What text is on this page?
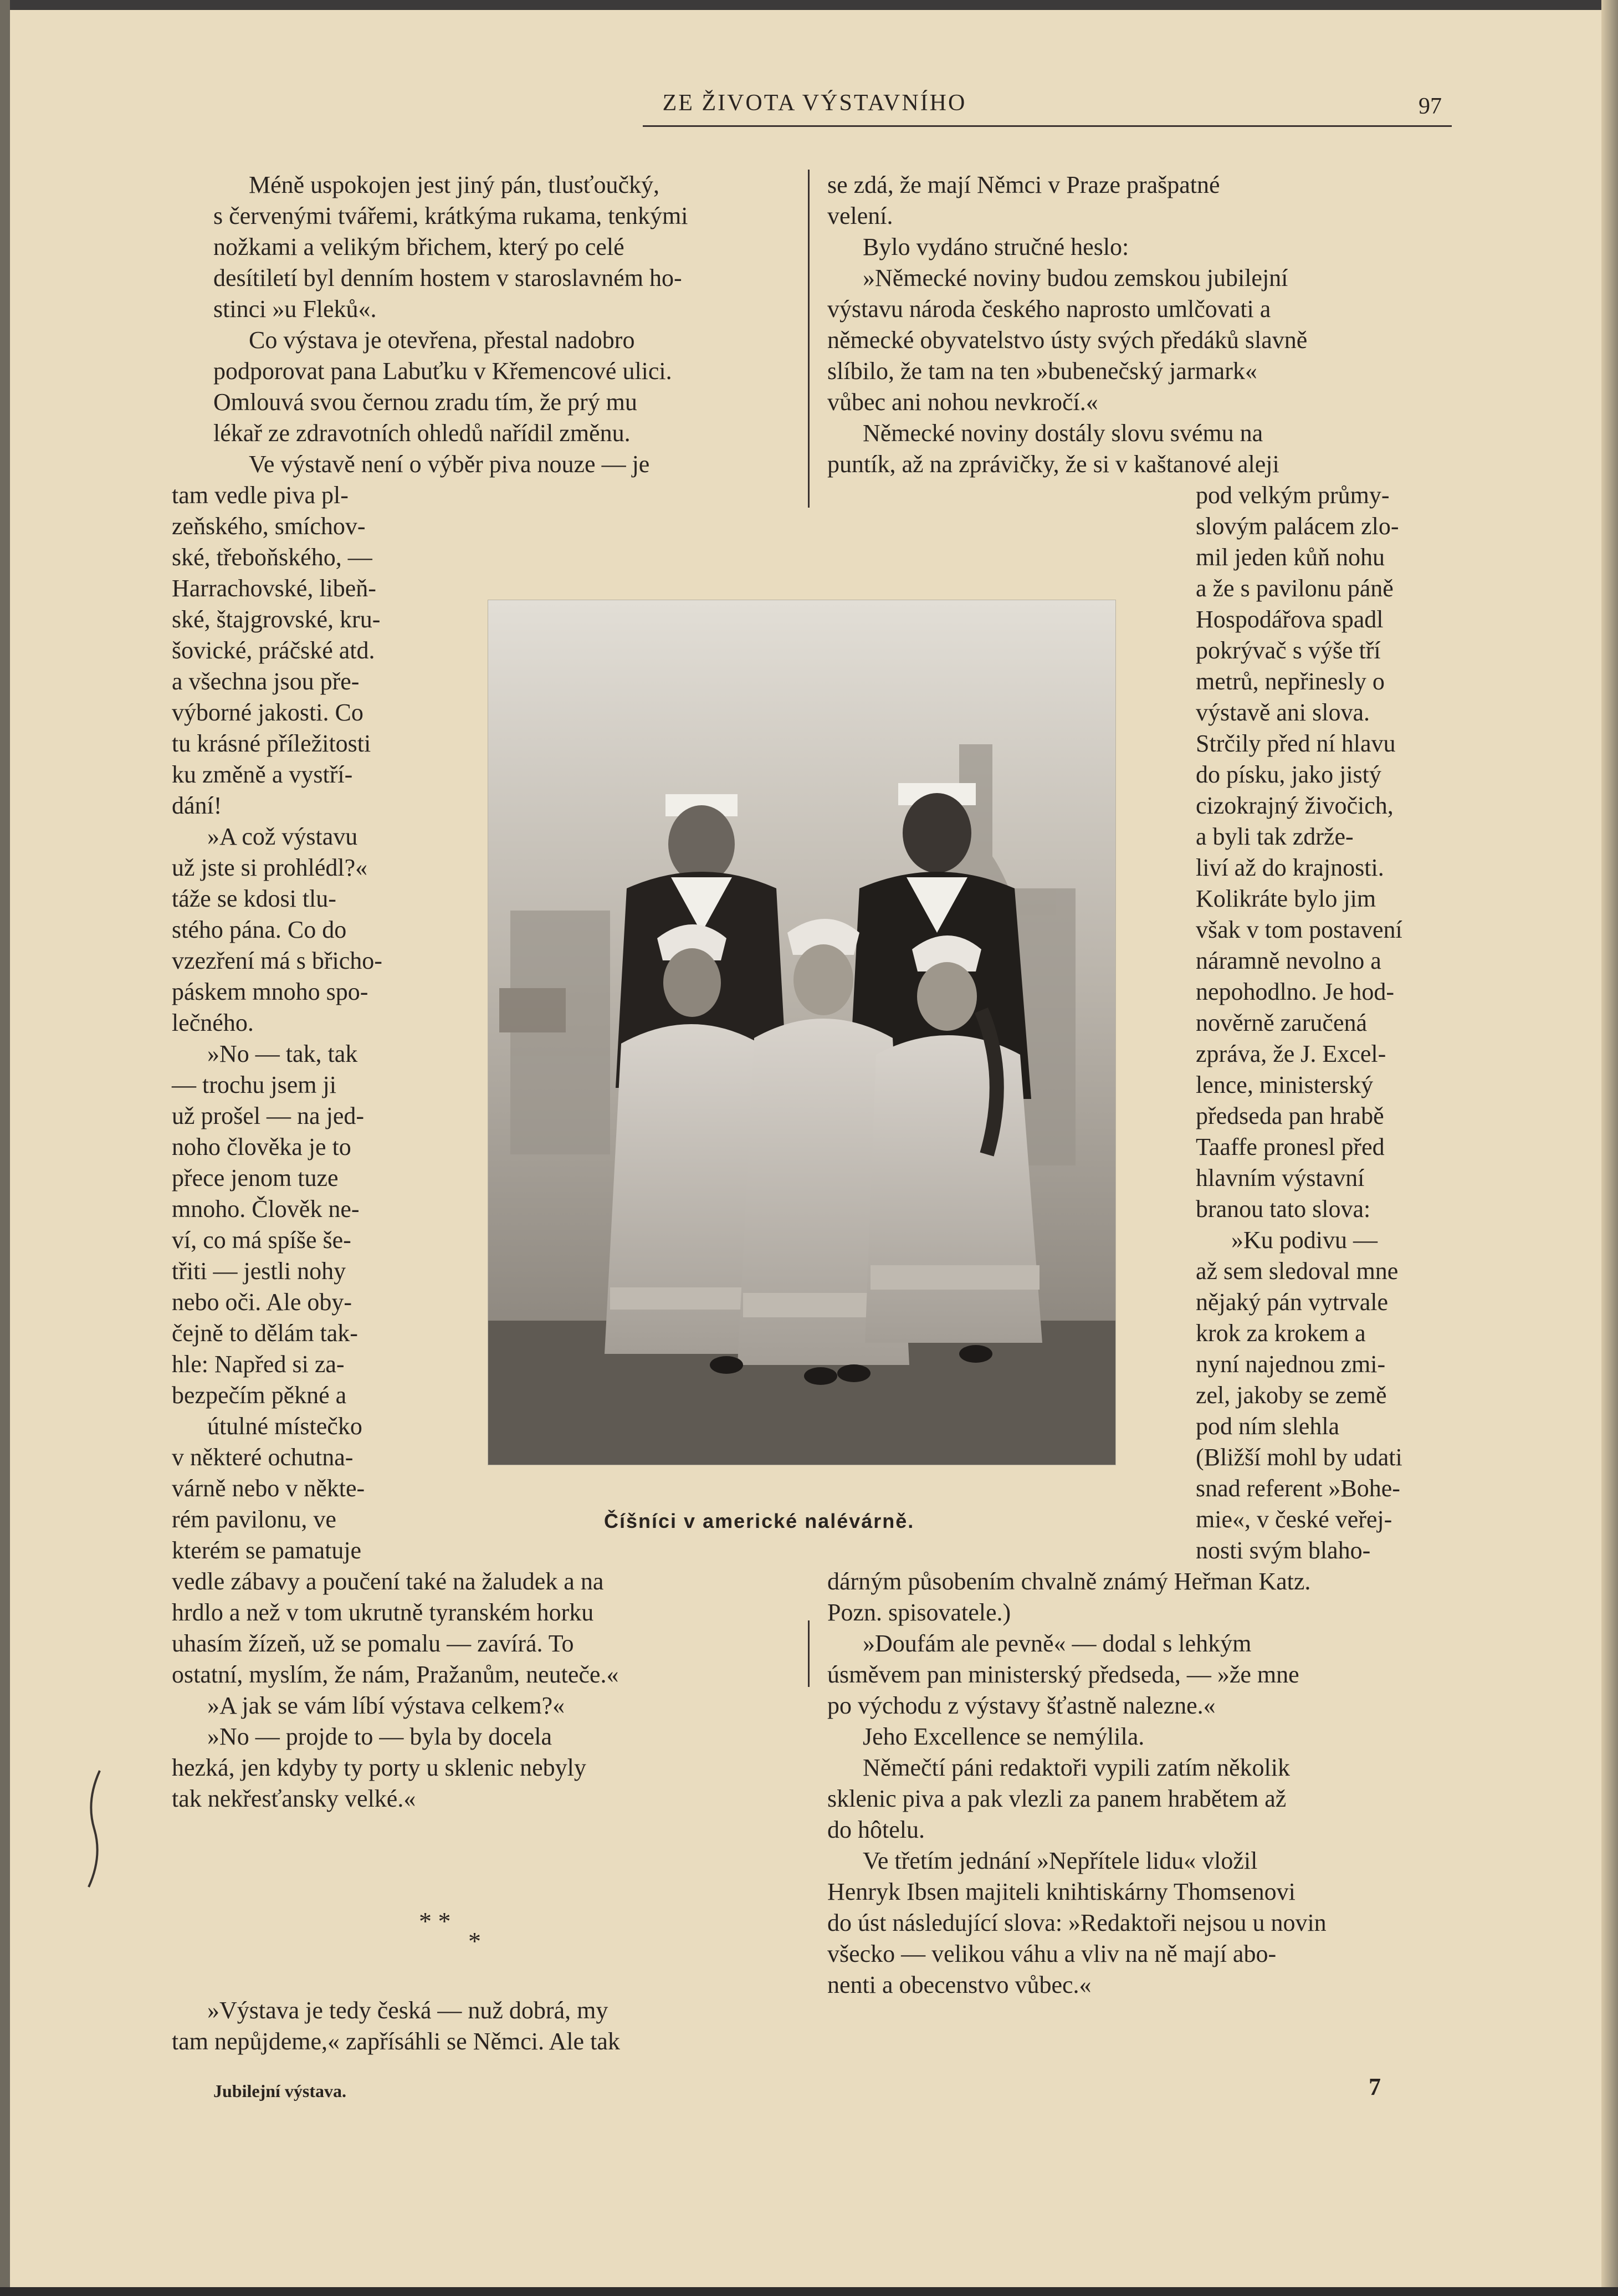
ZE ŽIVOTA VÝSTAVNÍHO	97

Méně uspokojen jest jiný pán, tlusťoučký,

s červenými tvářemi, krátkýma rukama, tenkými

nožkami a velikým břichem, který po celé

desítiletí byl denním hostem v staroslavném ho-

stinci »u Fleků«.

Co výstava je otevřena, přestal nadobro

podporovat pana Labuťku v Křemencové ulici.

Omlouvá svou černou zradu tím, že prý mu

lékař ze zdravotních ohledů nařídil změnu.

Ve výstavě není o výběr piva nouze — je

tam vedle piva pl-

zeňského, smíchov-

ské, třeboňského, —

Harrachovské, libeň-

ské, štajgrovské, kru-

šovické, práčské atd.

a všechna jsou pře-

výborné jakosti. Co

tu krásné příležitosti

ku změně a vystří-

dání!

»A což výstavu

už jste si prohlédl?«

táže se kdosi tlu-

stého pána. Co do

vzezření má s břicho-

páskem mnoho spo-

lečného.

»No — tak, tak

— trochu jsem ji

už prošel — na jed-

noho člověka je to

přece jenom tuze

mnoho. Člověk ne-

ví, co má spíše še-

třiti — jestli nohy

nebo oči. Ale oby-

čejně to dělám tak-

hle: Napřed si za-

bezpečím pěkné a

útulné místečko

v některé ochutna-

várně nebo v někte-

rém pavilonu, ve

kterém se pamatuje

vedle zábavy a poučení také na žaludek a na

hrdlo a než v tom ukrutně tyranském horku

uhasím žízeň, už se pomalu — zavírá. To

ostatní, myslím, že nám, Pražanům, neuteče.«

»A jak se vám líbí výstava celkem?«

»No — projde to — byla by docela

hezká, jen kdyby ty porty u sklenic nebyly

tak nekřesťansky velké.«

* *
*

»Výstava je tedy česká — nuž dobrá, my

tam nepůjdeme,« zapřísáhli se Němci. Ale tak

se zdá, že mají Němci v Praze prašpatné

velení.

Bylo vydáno stručné heslo:

»Německé noviny budou zemskou jubilejní

výstavu národa českého naprosto umlčovati a

německé obyvatelstvo ústy svých předáků slavně

slíbilo, že tam na ten »bubenečský jarmark«

vůbec ani nohou nevkročí.«

Německé noviny dostály slovu svému na

puntík, až na zprávičky, že si v kaštanové aleji

pod velkým průmy-

slovým palácem zlo-

mil jeden kůň nohu

a že s pavilonu páně

Hospodářova spadl

pokrývač s výše tří

metrů, nepřinesly o

výstavě ani slova.

Strčily před ní hlavu

do písku, jako jistý

cizokrajný živočich,

a byli tak zdrže-

liví až do krajnosti.

Kolikráte bylo jim

však v tom postavení

náramně nevolno a

nepohodlno. Je hod-

nověrně zaručená

zpráva, že J. Excel-

lence, ministerský

předseda pan hrabě

Taaffe pronesl před

hlavním výstavní

branou tato slova:

»Ku podivu —

až sem sledoval mne

nějaký pán vytrvale

krok za krokem a

nyní najednou zmi-

zel, jakoby se země

pod ním slehla

(Bližší mohl by udati

snad referent »Bohe-

mie«, v české veřej-

nosti svým blaho-

dárným působením chvalně známý Heřman Katz.

Pozn. spisovatele.)

»Doufám ale pevně« — dodal s lehkým

úsměvem pan ministerský předseda, — »že mne

po východu z výstavy šťastně nalezne.«

Jeho Excellence se nemýlila.

Němečtí páni redaktoři vypili zatím několik

sklenic piva a pak vlezli za panem hrabětem až

do hôtelu.

Ve třetím jednání »Nepřítele lidu« vložil

Henryk Ibsen majiteli knihtiskárny Thomsenovi

do úst následující slova: »Redaktoři nejsou u novin

všecko — velikou váhu a vliv na ně mají abo-

nenti a obecenstvo vůbec.«

Číšníci v americké nalévárně.
Jubilejní výstava.	7
